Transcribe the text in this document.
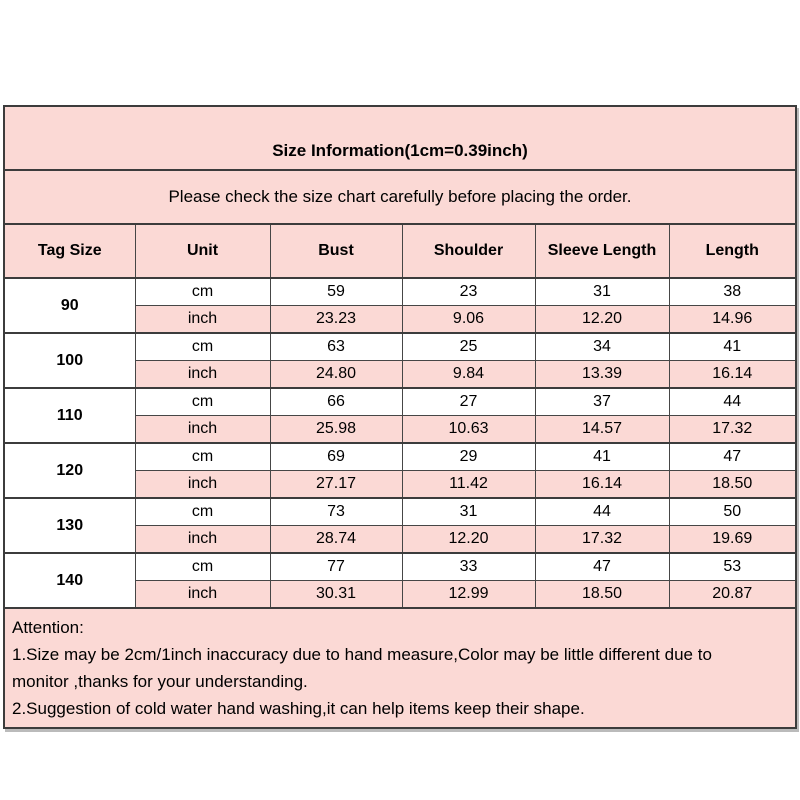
Size Information(1cm=0.39inch)					
Please check the size chart carefully before placing the order.					
Tag Size	Unit	Bust	Shoulder	Sleeve Length	Length
90	cm	59	23	31	38
	inch	23.23	9.06	12.20	14.96
100	cm	63	25	34	41
	inch	24.80	9.84	13.39	16.14
110	cm	66	27	37	44
	inch	25.98	10.63	14.57	17.32
120	cm	69	29	41	47
	inch	27.17	11.42	16.14	18.50
130	cm	73	31	44	50
	inch	28.74	12.20	17.32	19.69
140	cm	77	33	47	53
	inch	30.31	12.99	18.50	20.87

Attention:
1.Size may be 2cm/1inch inaccuracy due to hand measure,Color may be little different due to
monitor ,thanks for your understanding.
2.Suggestion of cold water hand washing,it can help items keep their shape.					
